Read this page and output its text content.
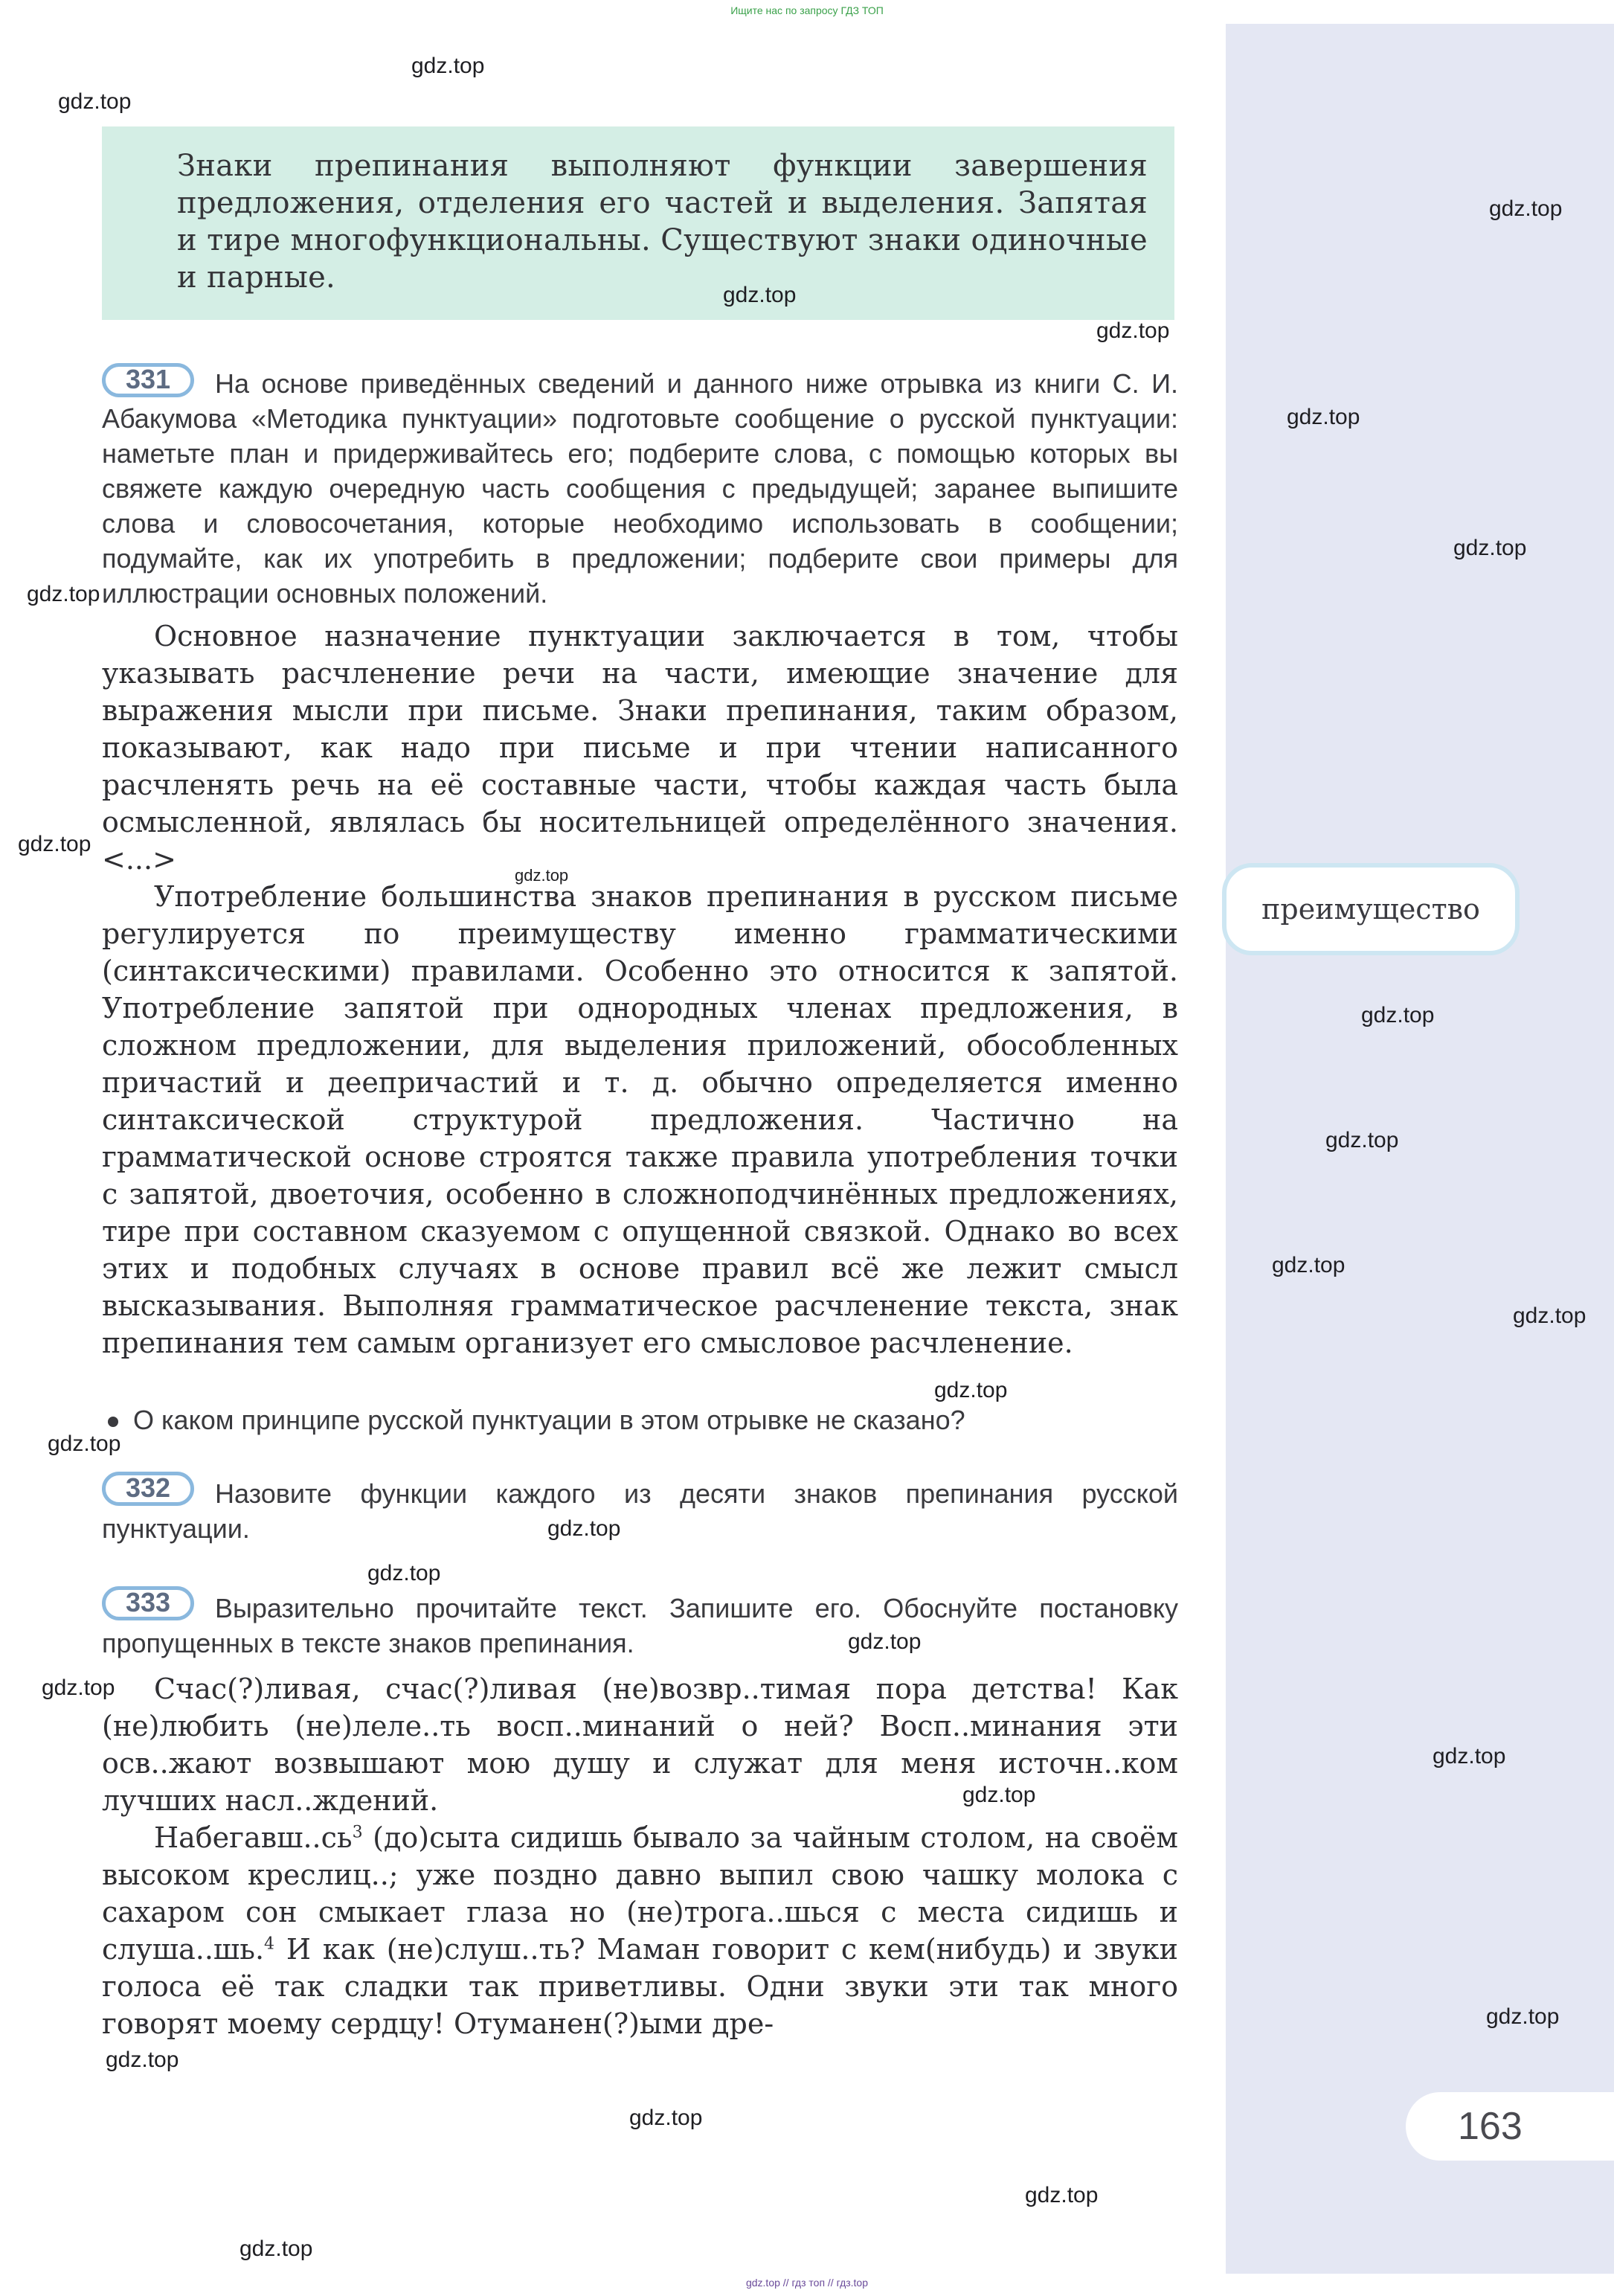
Ищите нас по запросу ГДЗ ТОП
Знаки препинания выполняют функции завершения предложения, отделения его частей и выделения. Запятая и тире многофункциональны. Существуют знаки одиночные и парные.
331	На основе приведённых сведений и данного ниже отрывка из книги С. И. Абакумова «Методика пунктуации» подготовьте сообщение о русской пунктуации: наметьте план и придерживайтесь его; подберите слова, с помощью которых вы свяжете каждую очередную часть сообщения с предыдущей; заранее выпишите слова и словосочетания, которые необходимо использовать в сообщении; подумайте, как их употребить в предложении; подберите свои примеры для иллюстрации основных положений.

Основное назначение пунктуации заключается в том, чтобы указывать расчленение речи на части, имеющие значение для выражения мысли при письме. Знаки препинания, таким образом, показывают, как надо при письме и при чтении написанного расчленять речь на её составные части, чтобы каждая часть была осмысленной, являлась бы носительницей определённого значения. <...>

Употребление большинства знаков препинания в русском письме регулируется по преимуществу именно грамматическими (синтаксическими) правилами. Особенно это относится к запятой. Употребление запятой при однородных членах предложения, в сложном предложении, для выделения приложений, обособленных причастий и деепричастий и т. д. обычно определяется именно синтаксической структурой предложения. Частично на грамматической основе строятся также правила употребления точки с запятой, двоеточия, особенно в сложноподчинённых предложениях, тире при составном сказуемом с опущенной связкой. Однако во всех этих и подобных случаях в основе правил всё же лежит смысл высказывания. Выполняя грамматическое расчленение текста, знак препинания тем самым организует его смысловое расчленение.

О каком принципе русской пунктуации в этом отрывке не сказано?
332	Назовите функции каждого из десяти знаков препинания русской пунктуации.
333	Выразительно прочитайте текст. Запишите его. Обоснуйте постановку пропущенных в тексте знаков препинания.

Счас(?)ливая, счас(?)ливая (не)возвр..тимая пора детства! Как (не)любить (не)леле..ть восп..минаний о ней? Восп..минания эти осв..жают возвышают мою душу и служат для меня источн..ком лучших насл..ждений.

$Набегавш..сь^3$ (до)сыта сидишь бывало за чайным столом, на своём высоком креслиц..; уже поздно давно выпил свою чашку молока с сахаром сон смыкает глаза но (не)трога..шься с места сидишь и слуша..шь.$^4$ И как (не)слуш..ть? Маман говорит с кем(нибудь) и звуки голоса её так сладки так приветливы. Одни звуки эти так много говорят моему сердцу! Отуманен(?)ыми дре-

преимущество
163
gdz.top
gdz.top
gdz.top
gdz.top
gdz.top
gdz.top
gdz.top
gdz.top
gdz.top
gdz.top
gdz.top
gdz.top
gdz.top
gdz.top
gdz.top
gdz.top
gdz.top
gdz.top
gdz.top
gdz.top
gdz.top
gdz.top
gdz.top
gdz.top
gdz.top
gdz.top
gdz.top
gdz.top // гдз топ // гдз.top
